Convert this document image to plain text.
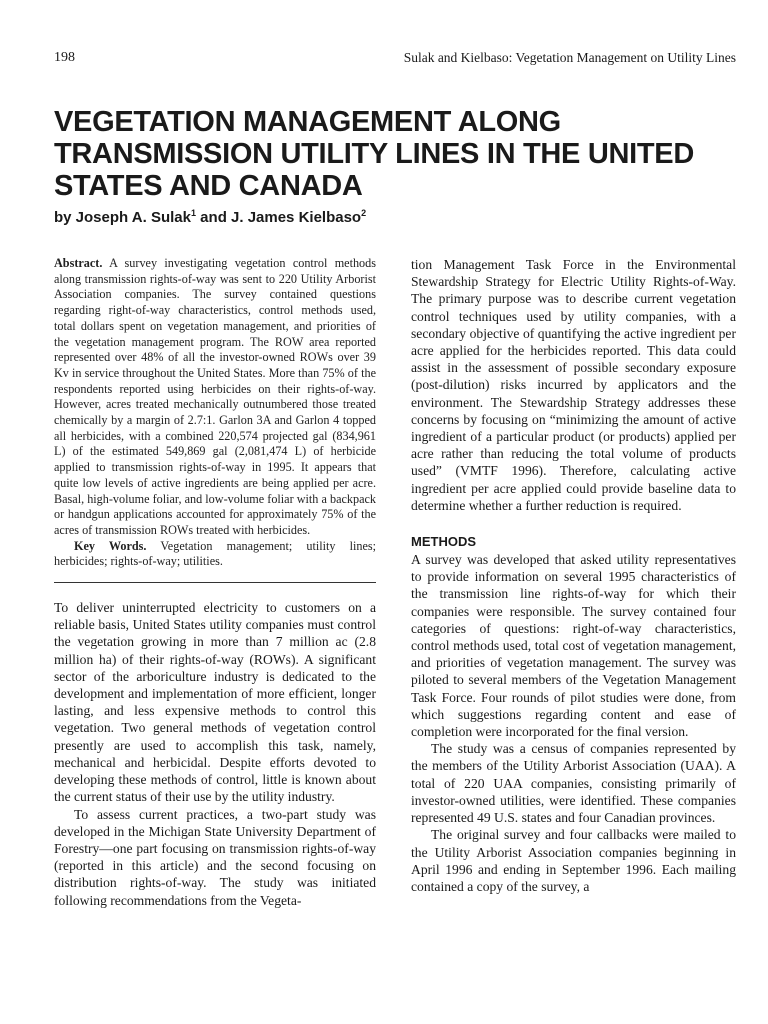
198	Sulak and Kielbaso: Vegetation Management on Utility Lines
VEGETATION MANAGEMENT ALONG TRANSMISSION UTILITY LINES IN THE UNITED STATES AND CANADA
by Joseph A. Sulak$^1$ and J. James Kielbaso$^2$
Abstract. A survey investigating vegetation control methods along transmission rights-of-way was sent to 220 Utility Arborist Association companies. The survey contained questions regarding right-of-way characteristics, control methods used, total dollars spent on vegetation management, and priorities of the vegetation management program. The ROW area reported represented over 48% of all the investor-owned ROWs over 39 Kv in service throughout the United States. More than 75% of the respondents reported using herbicides on their rights-of-way. However, acres treated mechanically outnumbered those treated chemically by a margin of 2.7:1. Garlon 3A and Garlon 4 topped all herbicides, with a combined 220,574 projected gal (834,961 L) of the estimated 549,869 gal (2,081,474 L) of herbicide applied to transmission rights-of-way in 1995. It appears that quite low levels of active ingredients are being applied per acre. Basal, high-volume foliar, and low-volume foliar with a backpack or handgun applications accounted for approximately 75% of the acres of transmission ROWs treated with herbicides.
Key Words. Vegetation management; utility lines; herbicides; rights-of-way; utilities.

To deliver uninterrupted electricity to customers on a reliable basis, United States utility companies must control the vegetation growing in more than 7 million ac (2.8 million ha) of their rights-of-way (ROWs). A significant sector of the arboriculture industry is dedicated to the development and implementation of more efficient, longer lasting, and less expensive methods to control this vegetation. Two general methods of vegetation control presently are used to accomplish this task, namely, mechanical and herbicidal. Despite efforts devoted to developing these methods of control, little is known about the current status of their use by the utility industry.

To assess current practices, a two-part study was developed in the Michigan State University Department of Forestry—one part focusing on transmission rights-of-way (reported in this article) and the second focusing on distribution rights-of-way. The study was initiated following recommendations from the Vegeta-

tion Management Task Force in the Environmental Stewardship Strategy for Electric Utility Rights-of-Way. The primary purpose was to describe current vegetation control techniques used by utility companies, with a secondary objective of quantifying the active ingredient per acre applied for the herbicides reported. This data could assist in the assessment of possible secondary exposure (post-dilution) risks incurred by applicators and the environment. The Stewardship Strategy addresses these concerns by focusing on “minimizing the amount of active ingredient of a particular product (or products) applied per acre rather than reducing the total volume of products used” (VMTF 1996). Therefore, calculating active ingredient per acre applied could provide baseline data to determine whether a further reduction is required.

METHODS

A survey was developed that asked utility representatives to provide information on several 1995 characteristics of the transmission line rights-of-way for which their companies were responsible. The survey contained four categories of questions: right-of-way characteristics, control methods used, total cost of vegetation management, and priorities of vegetation management. The survey was piloted to several members of the Vegetation Management Task Force. Four rounds of pilot studies were done, from which suggestions regarding content and ease of completion were incorporated for the final version.

The study was a census of companies represented by the members of the Utility Arborist Association (UAA). A total of 220 UAA companies, consisting primarily of investor-owned utilities, were identified. These companies represented 49 U.S. states and four Canadian provinces.

The original survey and four callbacks were mailed to the Utility Arborist Association companies beginning in April 1996 and ending in September 1996. Each mailing contained a copy of the survey, a
